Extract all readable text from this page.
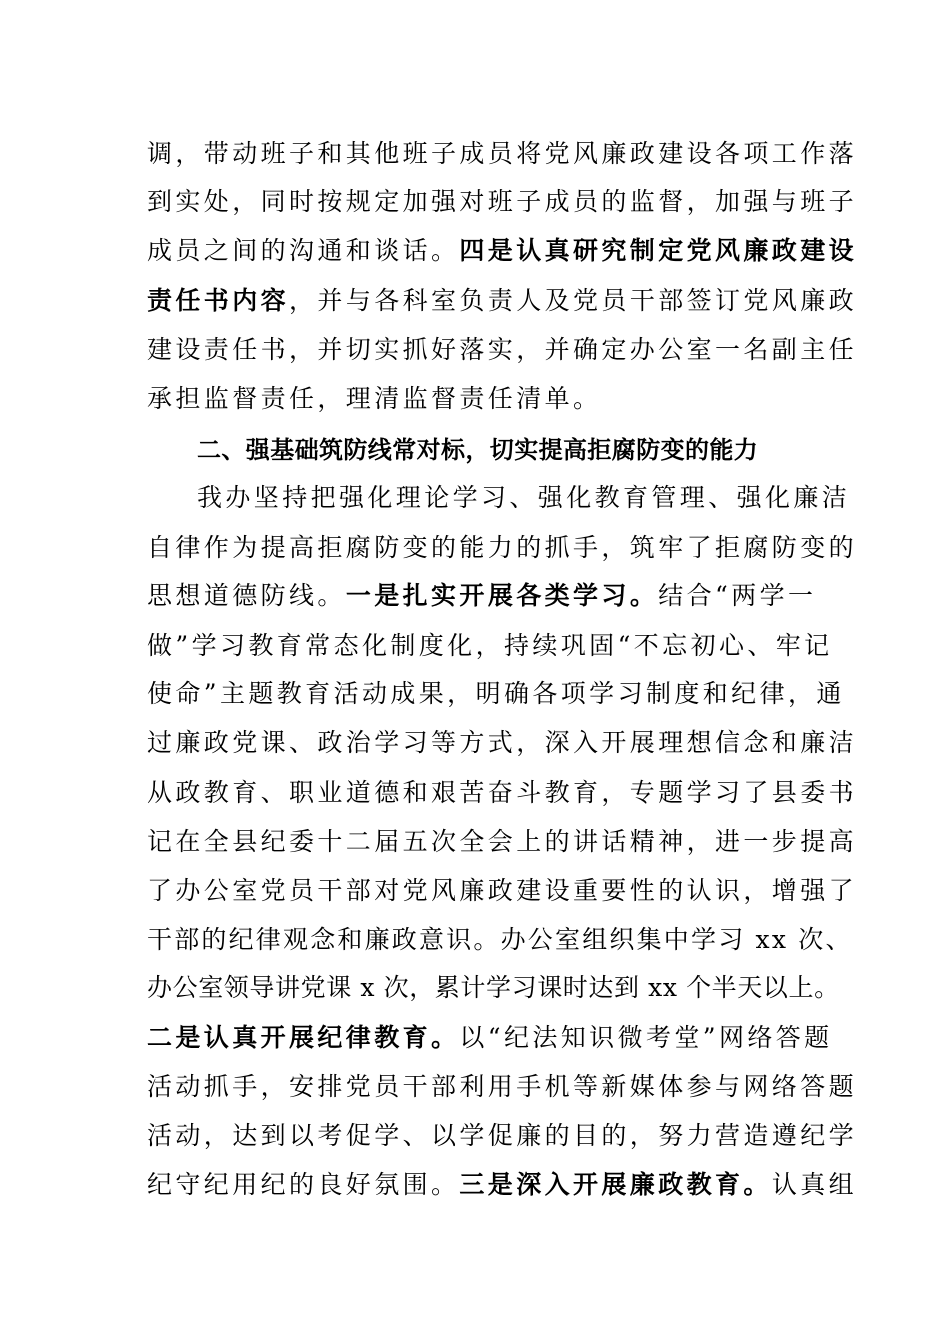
调，带动班子和其他班子成员将党风廉政建设各项工作落
到实处，同时按规定加强对班子成员的监督，加强与班子
成员之间的沟通和谈话。四是认真研究制定党风廉政建设
责任书内容，并与各科室负责人及党员干部签订党风廉政
建设责任书，并切实抓好落实，并确定办公室一名副主任
承担监督责任，理清监督责任清单。
二、强基础筑防线常对标，切实提高拒腐防变的能力
我办坚持把强化理论学习、强化教育管理、强化廉洁
自律作为提高拒腐防变的能力的抓手，筑牢了拒腐防变的
思想道德防线。一是扎实开展各类学习。结合“两学一
做”学习教育常态化制度化，持续巩固“不忘初心、牢记
使命”主题教育活动成果，明确各项学习制度和纪律，通
过廉政党课、政治学习等方式，深入开展理想信念和廉洁
从政教育、职业道德和艰苦奋斗教育，专题学习了县委书
记在全县纪委十二届五次全会上的讲话精神，进一步提高
了办公室党员干部对党风廉政建设重要性的认识，增强了
干部的纪律观念和廉政意识。办公室组织集中学习 xx 次、
办公室领导讲党课 x 次，累计学习课时达到 xx 个半天以上。
二是认真开展纪律教育。以“纪法知识微考堂”网络答题
活动抓手，安排党员干部利用手机等新媒体参与网络答题
活动，达到以考促学、以学促廉的目的，努力营造遵纪学
纪守纪用纪的良好氛围。三是深入开展廉政教育。认真组
